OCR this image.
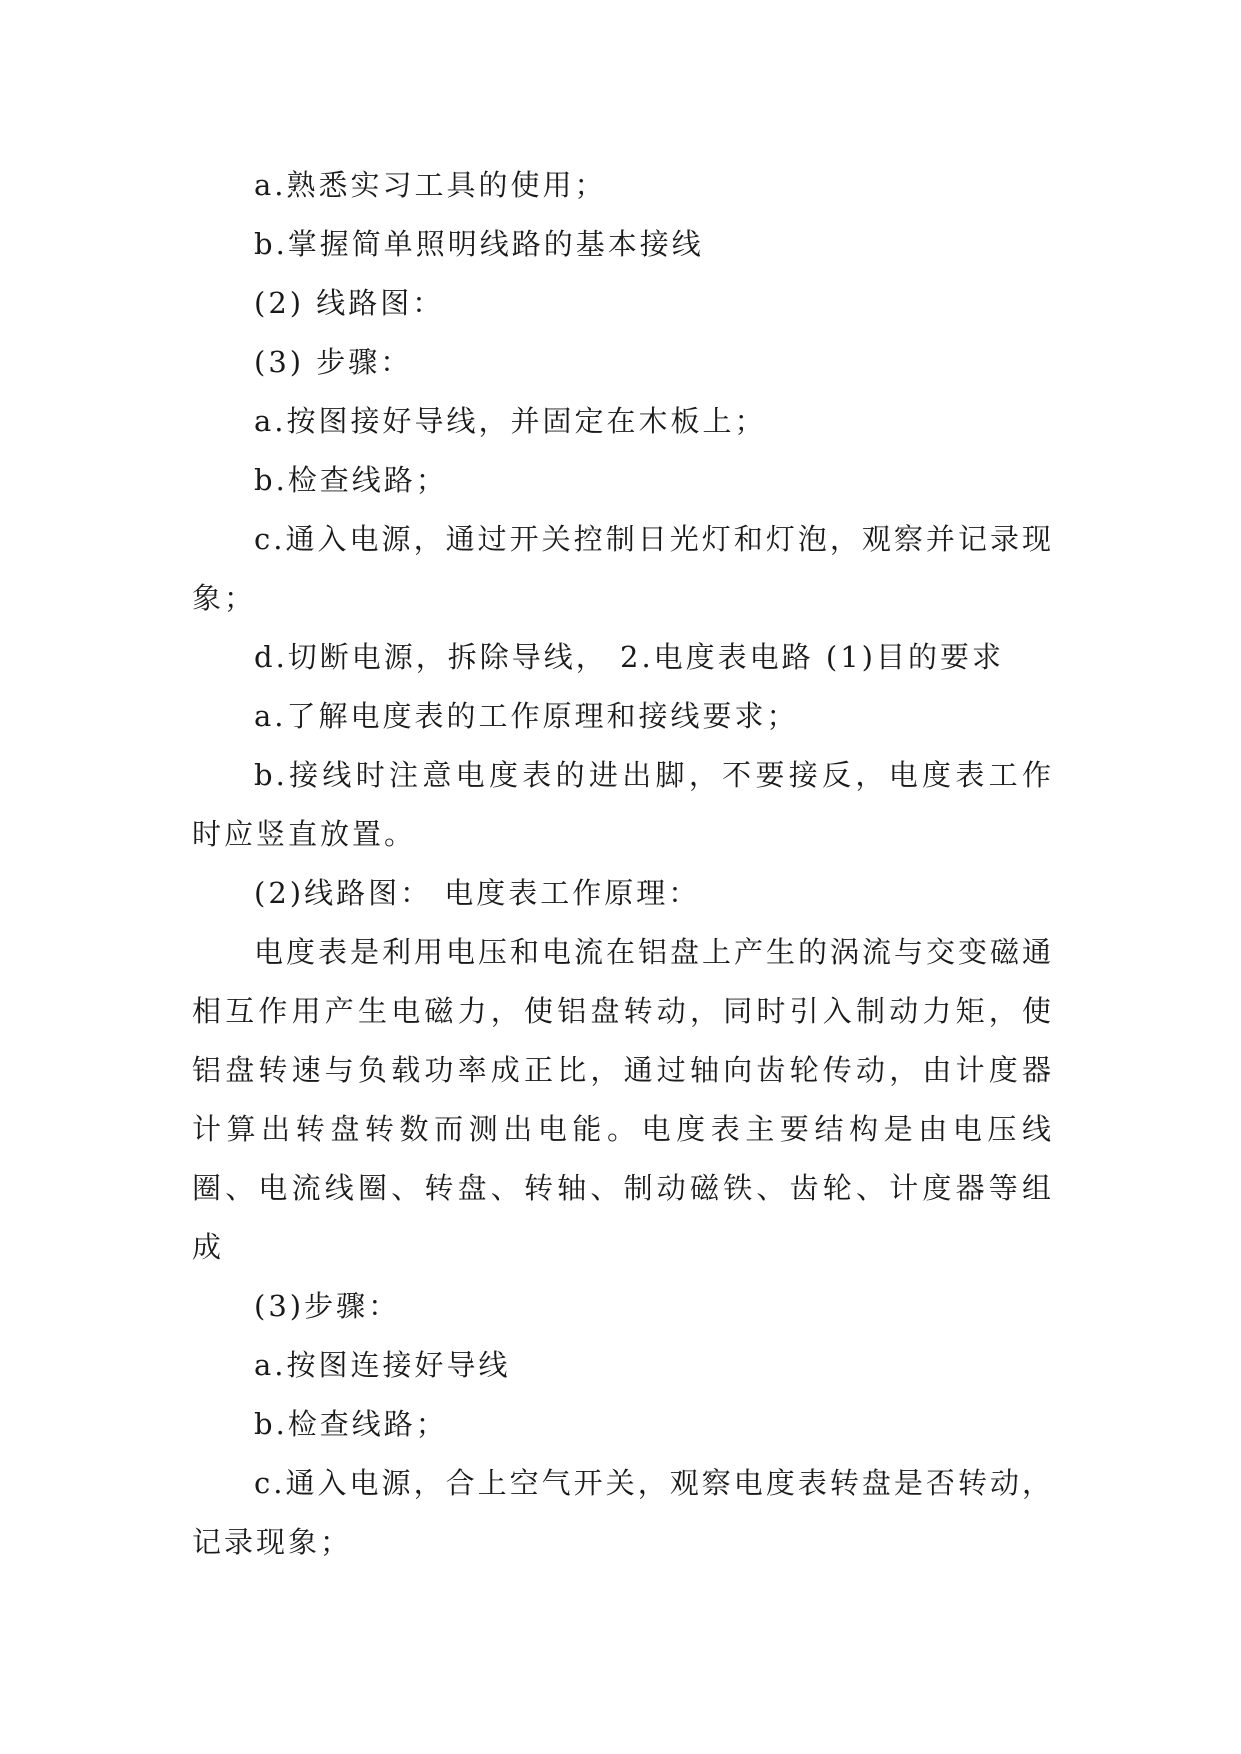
a.熟悉实习工具的使用；

b.掌握简单照明线路的基本接线

(2) 线路图：

(3) 步骤：

a.按图接好导线，并固定在木板上；

b.检查线路；

c.通入电源，通过开关控制日光灯和灯泡，观察并记录现象；

d.切断电源，拆除导线， 2.电度表电路 (1)目的要求

a.了解电度表的工作原理和接线要求；

b.接线时注意电度表的进出脚，不要接反，电度表工作时应竖直放置。

(2)线路图： 电度表工作原理：

电度表是利用电压和电流在铝盘上产生的涡流与交变磁通相互作用产生电磁力，使铝盘转动，同时引入制动力矩，使铝盘转速与负载功率成正比，通过轴向齿轮传动，由计度器计算出转盘转数而测出电能。电度表主要结构是由电压线圈、电流线圈、转盘、转轴、制动磁铁、齿轮、计度器等组成

(3)步骤：

a.按图连接好导线

b.检查线路；

c.通入电源，合上空气开关，观察电度表转盘是否转动，记录现象；
